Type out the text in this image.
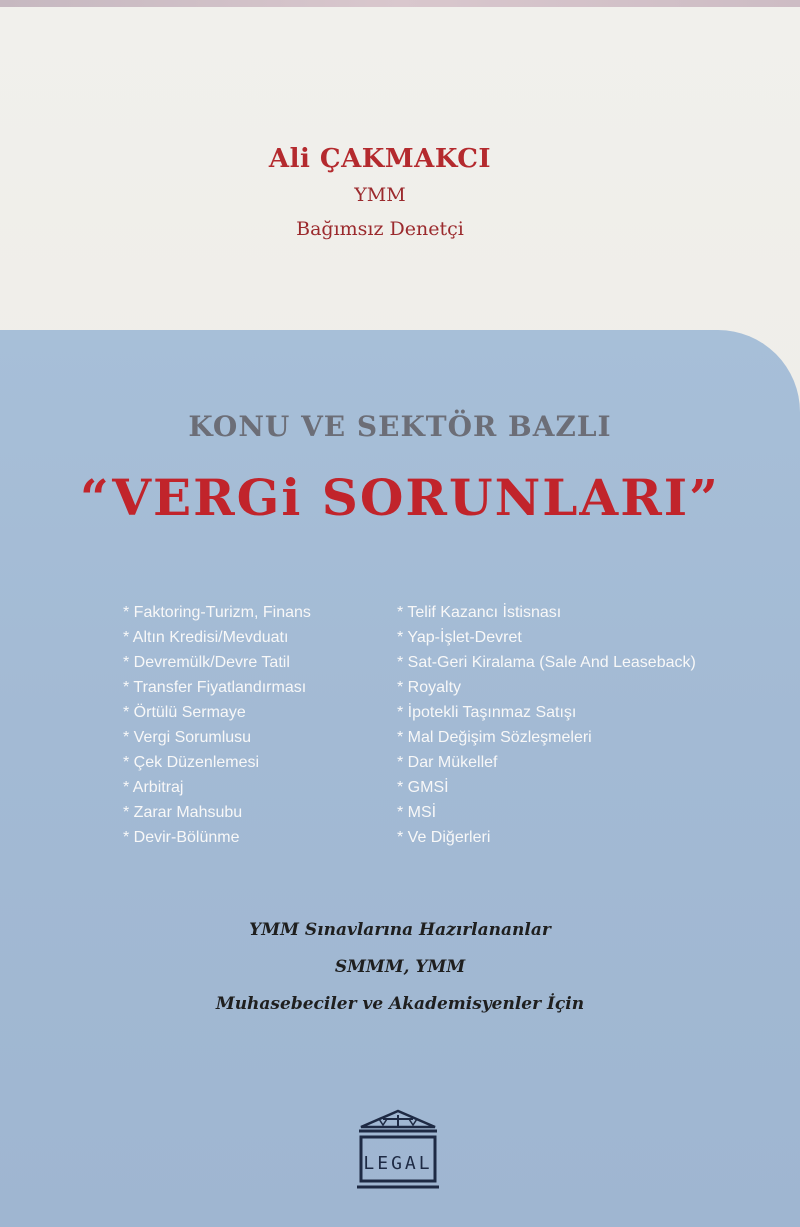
Ali ÇAKMAKCI
YMM
Bağımsız Denetçi
KONU VE SEKTÖR BAZLI
“VERGi SORUNLARI”
* Faktoring-Turizm, Finans
* Altın Kredisi/Mevduatı
* Devremülk/Devre Tatil
* Transfer Fiyatlandırması
* Örtülü Sermaye
* Vergi Sorumlusu
* Çek Düzenlemesi
* Arbitraj
* Zarar Mahsubu
* Devir-Bölünme
* Telif Kazancı İstisnası
* Yap-İşlet-Devret
* Sat-Geri Kiralama (Sale And Leaseback)
* Royalty
* İpotekli Taşınmaz Satışı
* Mal Değişim Sözleşmeleri
* Dar Mükellef
* GMSİ
* MSİ
* Ve Diğerleri
YMM Sınavlarına Hazırlananlar
SMMM, YMM
Muhasebeciler ve Akademisyenler İçin
LEGAL
